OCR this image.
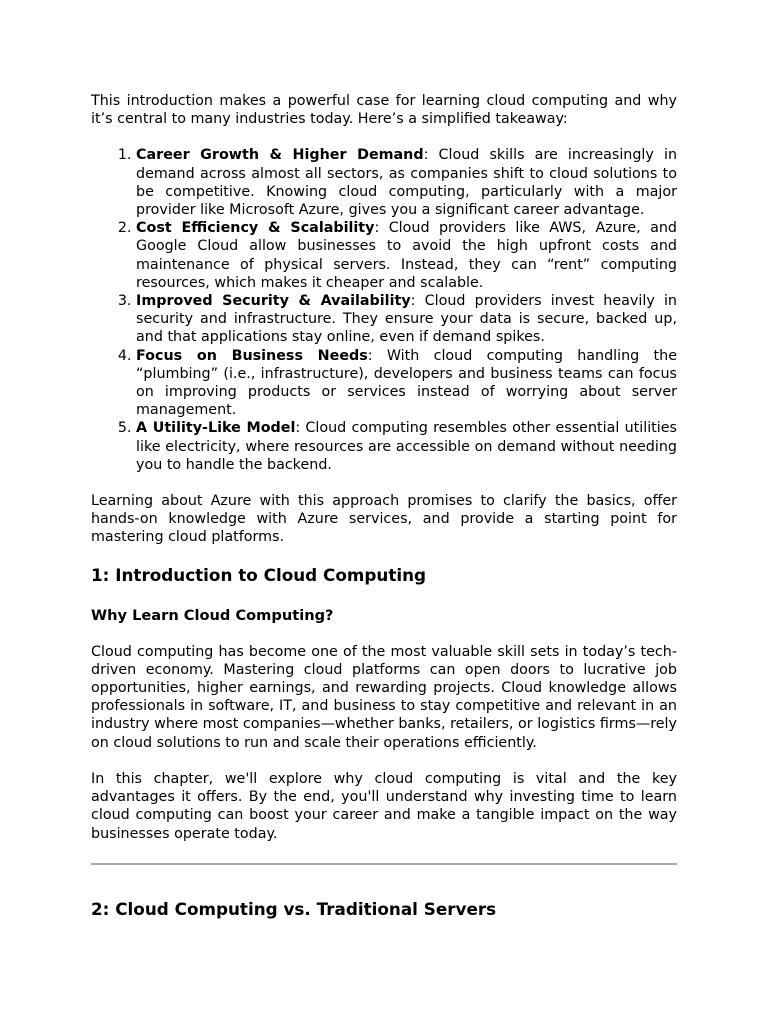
This introduction makes a powerful case for learning cloud computing and why it’s central to many industries today. Here’s a simplified takeaway:

1. Career Growth & Higher Demand: Cloud skills are increasingly in demand across almost all sectors, as companies shift to cloud solutions to be competitive. Knowing cloud computing, particularly with a major provider like Microsoft Azure, gives you a significant career advantage.
2. Cost Efficiency & Scalability: Cloud providers like AWS, Azure, and Google Cloud allow businesses to avoid the high upfront costs and maintenance of physical servers. Instead, they can “rent” computing resources, which makes it cheaper and scalable.
3. Improved Security & Availability: Cloud providers invest heavily in security and infrastructure. They ensure your data is secure, backed up, and that applications stay online, even if demand spikes.
4. Focus on Business Needs: With cloud computing handling the “plumbing” (i.e., infrastructure), developers and business teams can focus on improving products or services instead of worrying about server management.
5. A Utility-Like Model: Cloud computing resembles other essential utilities like electricity, where resources are accessible on demand without needing you to handle the backend.

Learning about Azure with this approach promises to clarify the basics, offer hands-on knowledge with Azure services, and provide a starting point for mastering cloud platforms.

1: Introduction to Cloud Computing
Why Learn Cloud Computing?

Cloud computing has become one of the most valuable skill sets in today’s tech-driven economy. Mastering cloud platforms can open doors to lucrative job opportunities, higher earnings, and rewarding projects. Cloud knowledge allows professionals in software, IT, and business to stay competitive and relevant in an industry where most companies—whether banks, retailers, or logistics firms—rely on cloud solutions to run and scale their operations efficiently.

In this chapter, we'll explore why cloud computing is vital and the key advantages it offers. By the end, you'll understand why investing time to learn cloud computing can boost your career and make a tangible impact on the way businesses operate today.

2: Cloud Computing vs. Traditional Servers
